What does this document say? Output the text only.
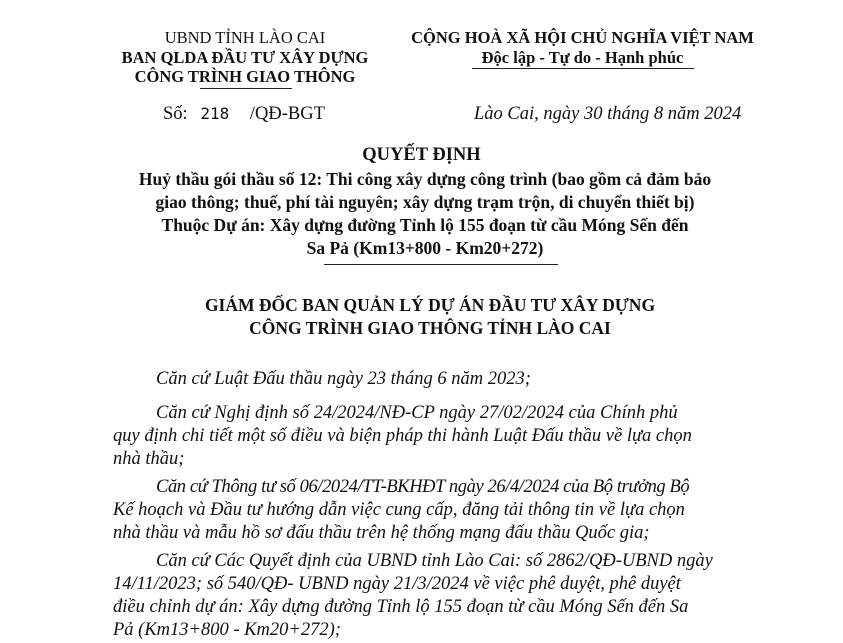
UBND TỈNH LÀO CAI
BAN QLDA ĐẦU TƯ XÂY DỰNG
CÔNG TRÌNH GIAO THÔNG
CỘNG HOÀ XÃ HỘI CHỦ NGHĨA VIỆT NAM
Độc lập - Tự do - Hạnh phúc
Số: 218 /QĐ-BGT	Lào Cai, ngày 30 tháng 8 năm 2024
QUYẾT ĐỊNH
Huỷ thầu gói thầu số 12: Thi công xây dựng công trình (bao gồm cả đảm bảo
giao thông; thuế, phí tài nguyên; xây dựng trạm trộn, di chuyển thiết bị)
Thuộc Dự án: Xây dựng đường Tỉnh lộ 155 đoạn từ cầu Móng Sến đến
Sa Pả (Km13+800 - Km20+272)
GIÁM ĐỐC BAN QUẢN LÝ DỰ ÁN ĐẦU TƯ XÂY DỰNG
CÔNG TRÌNH GIAO THÔNG TỈNH LÀO CAI
Căn cứ Luật Đấu thầu ngày 23 tháng 6 năm 2023;
Căn cứ Nghị định số 24/2024/NĐ-CP ngày 27/02/2024 của Chính phủ
quy định chi tiết một số điều và biện pháp thi hành Luật Đấu thầu về lựa chọn
nhà thầu;
Căn cứ Thông tư số 06/2024/TT-BKHĐT ngày 26/4/2024 của Bộ trưởng Bộ
Kế hoạch và Đầu tư hướng dẫn việc cung cấp, đăng tải thông tin về lựa chọn
nhà thầu và mẫu hồ sơ đấu thầu trên hệ thống mạng đấu thầu Quốc gia;
Căn cứ Các Quyết định của UBND tỉnh Lào Cai: số 2862/QĐ-UBND ngày
14/11/2023; số 540/QĐ- UBND ngày 21/3/2024 về việc phê duyệt, phê duyệt
điều chỉnh dự án: Xây dựng đường Tỉnh lộ 155 đoạn từ cầu Móng Sến đến Sa
Pả (Km13+800 - Km20+272);
